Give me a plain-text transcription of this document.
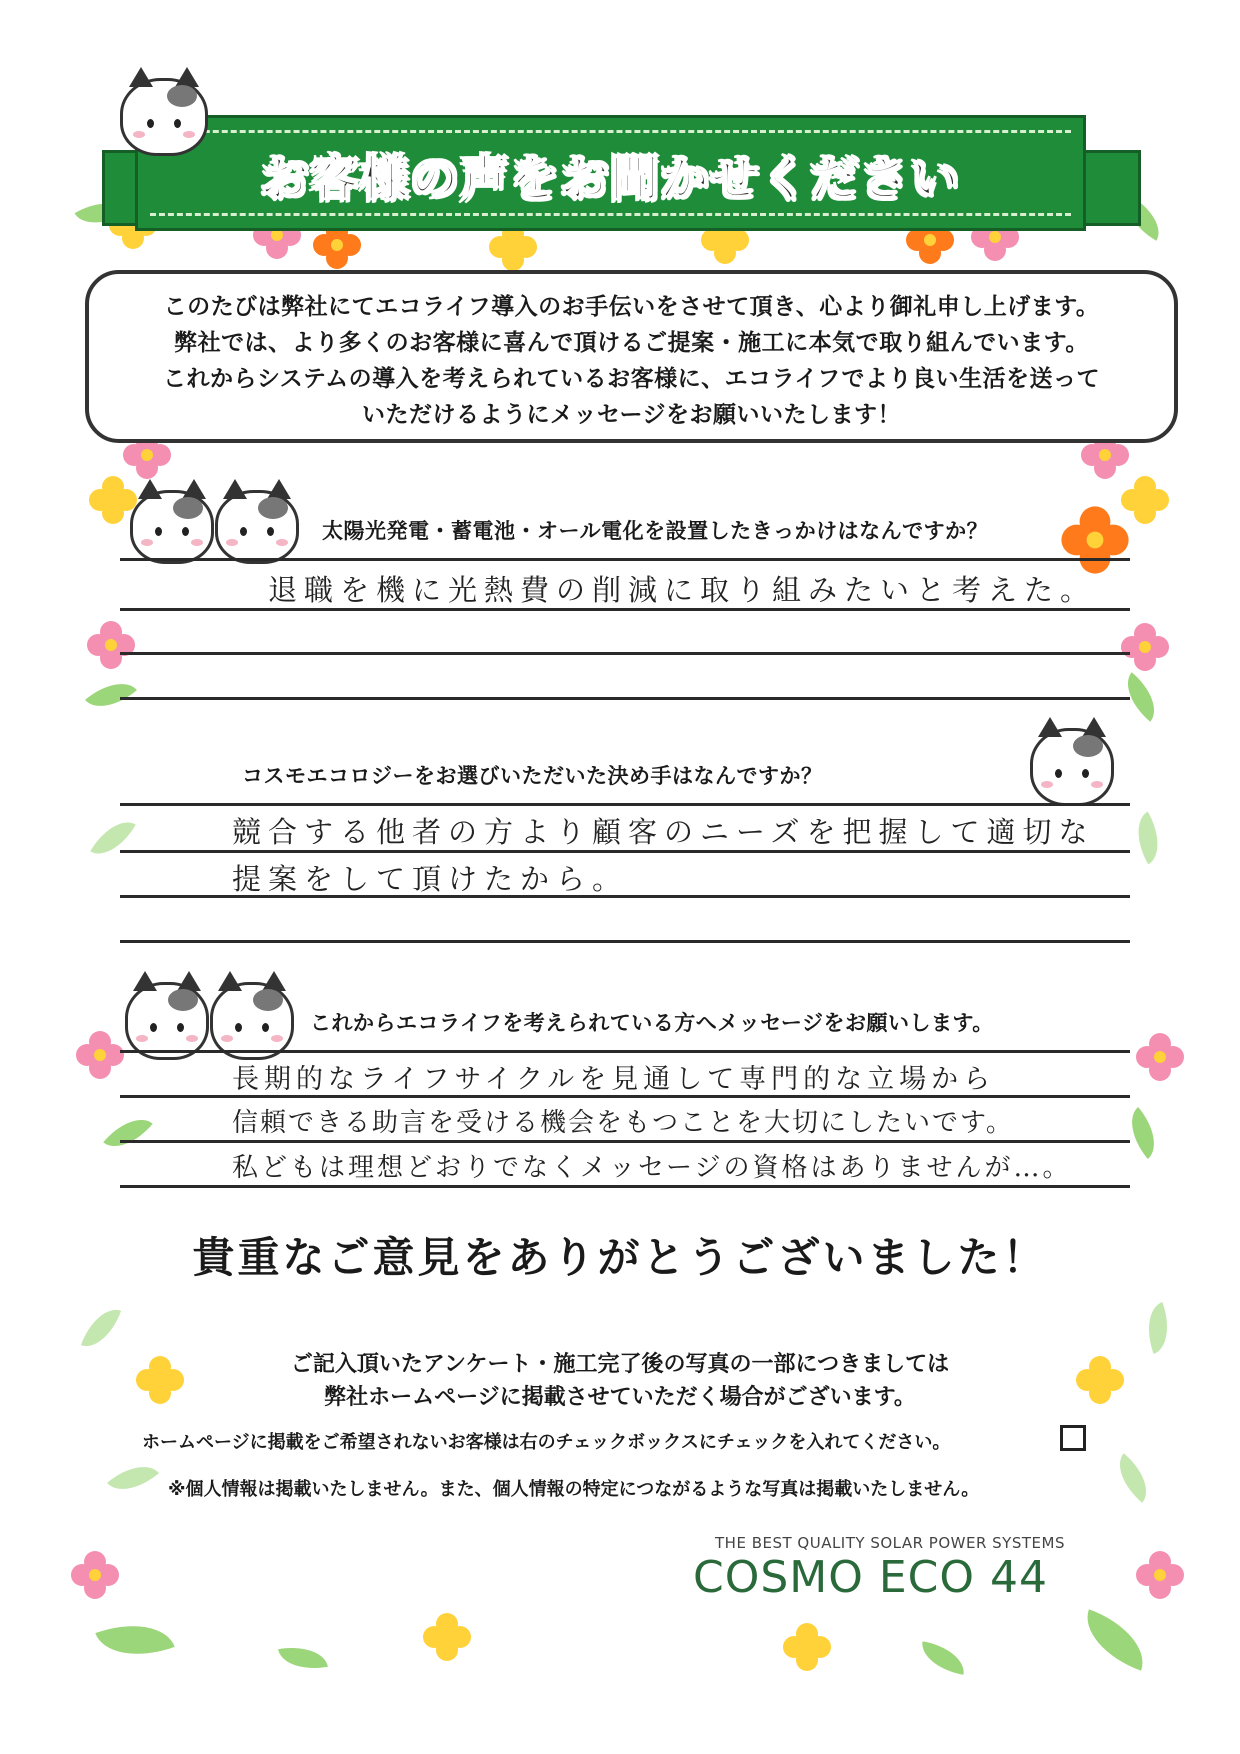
お客様の声をお聞かせください
このたびは弊社にてエコライフ導入のお手伝いをさせて頂き、心より御礼申し上げます。
弊社では、より多くのお客様に喜んで頂けるご提案・施工に本気で取り組んでいます。
これからシステムの導入を考えられているお客様に、エコライフでより良い生活を送って
いただけるようにメッセージをお願いいたします！
太陽光発電・蓄電池・オール電化を設置したきっかけはなんですか？
退職を機に光熱費の削減に取り組みたいと考えた。
コスモエコロジーをお選びいただいた決め手はなんですか？
競合する他者の方より顧客のニーズを把握して適切な
提案をして頂けたから。
これからエコライフを考えられている方へメッセージをお願いします。
長期的なライフサイクルを見通して専門的な立場から
信頼できる助言を受ける機会をもつことを大切にしたいです。
私どもは理想どおりでなくメッセージの資格はありませんが…。
貴重なご意見をありがとうございました！
ご記入頂いたアンケート・施工完了後の写真の一部につきましては
弊社ホームページに掲載させていただく場合がございます。
ホームページに掲載をご希望されないお客様は右のチェックボックスにチェックを入れてください。
※個人情報は掲載いたしません。また、個人情報の特定につながるような写真は掲載いたしません。
THE BEST QUALITY SOLAR POWER SYSTEMS
COSMO ECO 44
